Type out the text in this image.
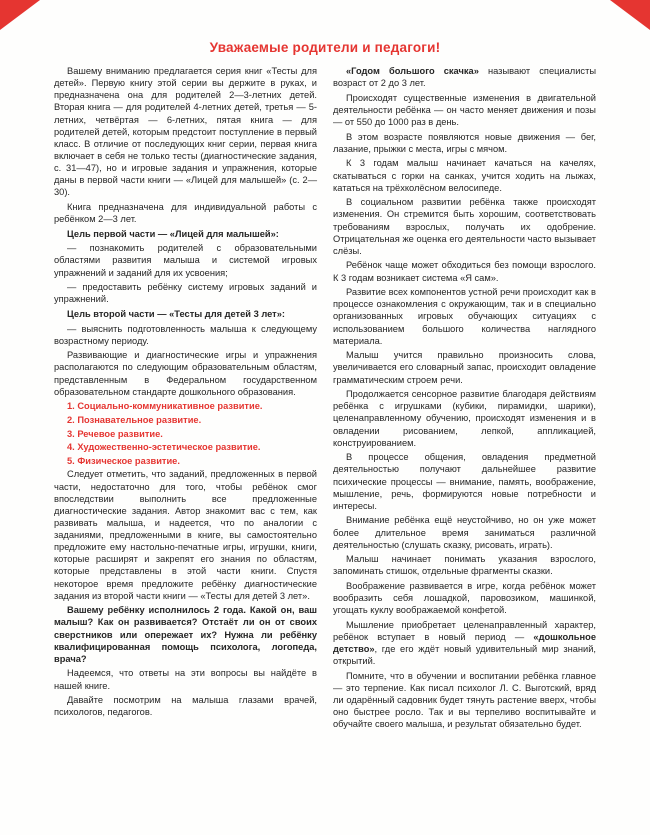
Уважаемые родители и педагоги!

Вашему вниманию предлагается серия книг «Тесты для детей». Первую книгу этой серии вы держите в руках, и предназначена она для родителей 2—3-летних детей. Вторая книга — для родителей 4-летних детей, третья — 5-летних, четвёртая — 6-летних, пятая книга — для родителей детей, которым предстоит поступление в первый класс. В отличие от последующих книг серии, первая книга включает в себя не только тесты (диагностические задания, с. 31—47), но и игровые задания и упражнения, которые даны в первой части книги — «Лицей для малышей» (с. 2—30).

Книга предназначена для индивидуальной работы с ребёнком 2—3 лет.

Цель первой части — «Лицей для малышей»:

— познакомить родителей с образовательными областями развития малыша и системой игровых упражнений и заданий для их усвоения;

— предоставить ребёнку систему игровых заданий и упражнений.

Цель второй части — «Тесты для детей 3 лет»:

— выяснить подготовленность малыша к следующему возрастному периоду.

Развивающие и диагностические игры и упражнения располагаются по следующим образовательным областям, представленным в Федеральном государственном образовательном стандарте дошкольного образования.

1. Социально-коммуникативное развитие.

2. Познавательное развитие.

3. Речевое развитие.

4. Художественно-эстетическое развитие.

5. Физическое развитие.

Следует отметить, что заданий, предложенных в первой части, недостаточно для того, чтобы ребёнок смог впоследствии выполнить все предложенные диагностические задания. Автор знакомит вас с тем, как развивать малыша, и надеется, что по аналогии с заданиями, предложенными в книге, вы самостоятельно предложите ему настольно-печатные игры, игрушки, книги, которые расширят и закрепят его знания по областям, которые представлены в этой части книги. Спустя некоторое время предложите ребёнку диагностические задания из второй части книги — «Тесты для детей 3 лет».

Вашему ребёнку исполнилось 2 года. Какой он, ваш малыш? Как он развивается? Отстаёт ли он от своих сверстников или опережает их? Нужна ли ребёнку квалифицированная помощь психолога, логопеда, врача?

Надеемся, что ответы на эти вопросы вы найдёте в нашей книге.

Давайте посмотрим на малыша глазами врачей, психологов, педагогов.

«Годом большого скачка» называют специалисты возраст от 2 до 3 лет.

Происходят существенные изменения в двигательной деятельности ребёнка — он часто меняет движения и позы — от 550 до 1000 раз в день.

В этом возрасте появляются новые движения — бег, лазание, прыжки с места, игры с мячом.

К 3 годам малыш начинает качаться на качелях, скатываться с горки на санках, учится ходить на лыжах, кататься на трёхколёсном велосипеде.

В социальном развитии ребёнка также происходят изменения. Он стремится быть хорошим, соответствовать требованиям взрослых, получать их одобрение. Отрицательная же оценка его деятельности часто вызывает слёзы.

Ребёнок чаще может обходиться без помощи взрослого. К 3 годам возникает система «Я сам».

Развитие всех компонентов устной речи происходит как в процессе ознакомления с окружающим, так и в специально организованных игровых обучающих ситуациях с использованием большого количества наглядного материала.

Малыш учится правильно произносить слова, увеличивается его словарный запас, происходит овладение грамматическим строем речи.

Продолжается сенсорное развитие благодаря действиям ребёнка с игрушками (кубики, пирамидки, шарики), целенаправленному обучению, происходят изменения и в овладении рисованием, лепкой, аппликацией, конструированием.

В процессе общения, овладения предметной деятельностью получают дальнейшее развитие психические процессы — внимание, память, воображение, мышление, речь, формируются новые потребности и интересы.

Внимание ребёнка ещё неустойчиво, но он уже может более длительное время заниматься различной деятельностью (слушать сказку, рисовать, играть).

Малыш начинает понимать указания взрослого, запоминать стишок, отдельные фрагменты сказки.

Воображение развивается в игре, когда ребёнок может вообразить себя лошадкой, паровозиком, машинкой, угощать куклу воображаемой конфетой.

Мышление приобретает целенаправленный характер, ребёнок вступает в новый период — «дошкольное детство», где его ждёт новый удивительный мир знаний, открытий.

Помните, что в обучении и воспитании ребёнка главное — это терпение. Как писал психолог Л. С. Выготский, вряд ли одарённый садовник будет тянуть растение вверх, чтобы оно быстрее росло. Так и вы терпеливо воспитывайте и обучайте своего малыша, и результат обязательно будет.
